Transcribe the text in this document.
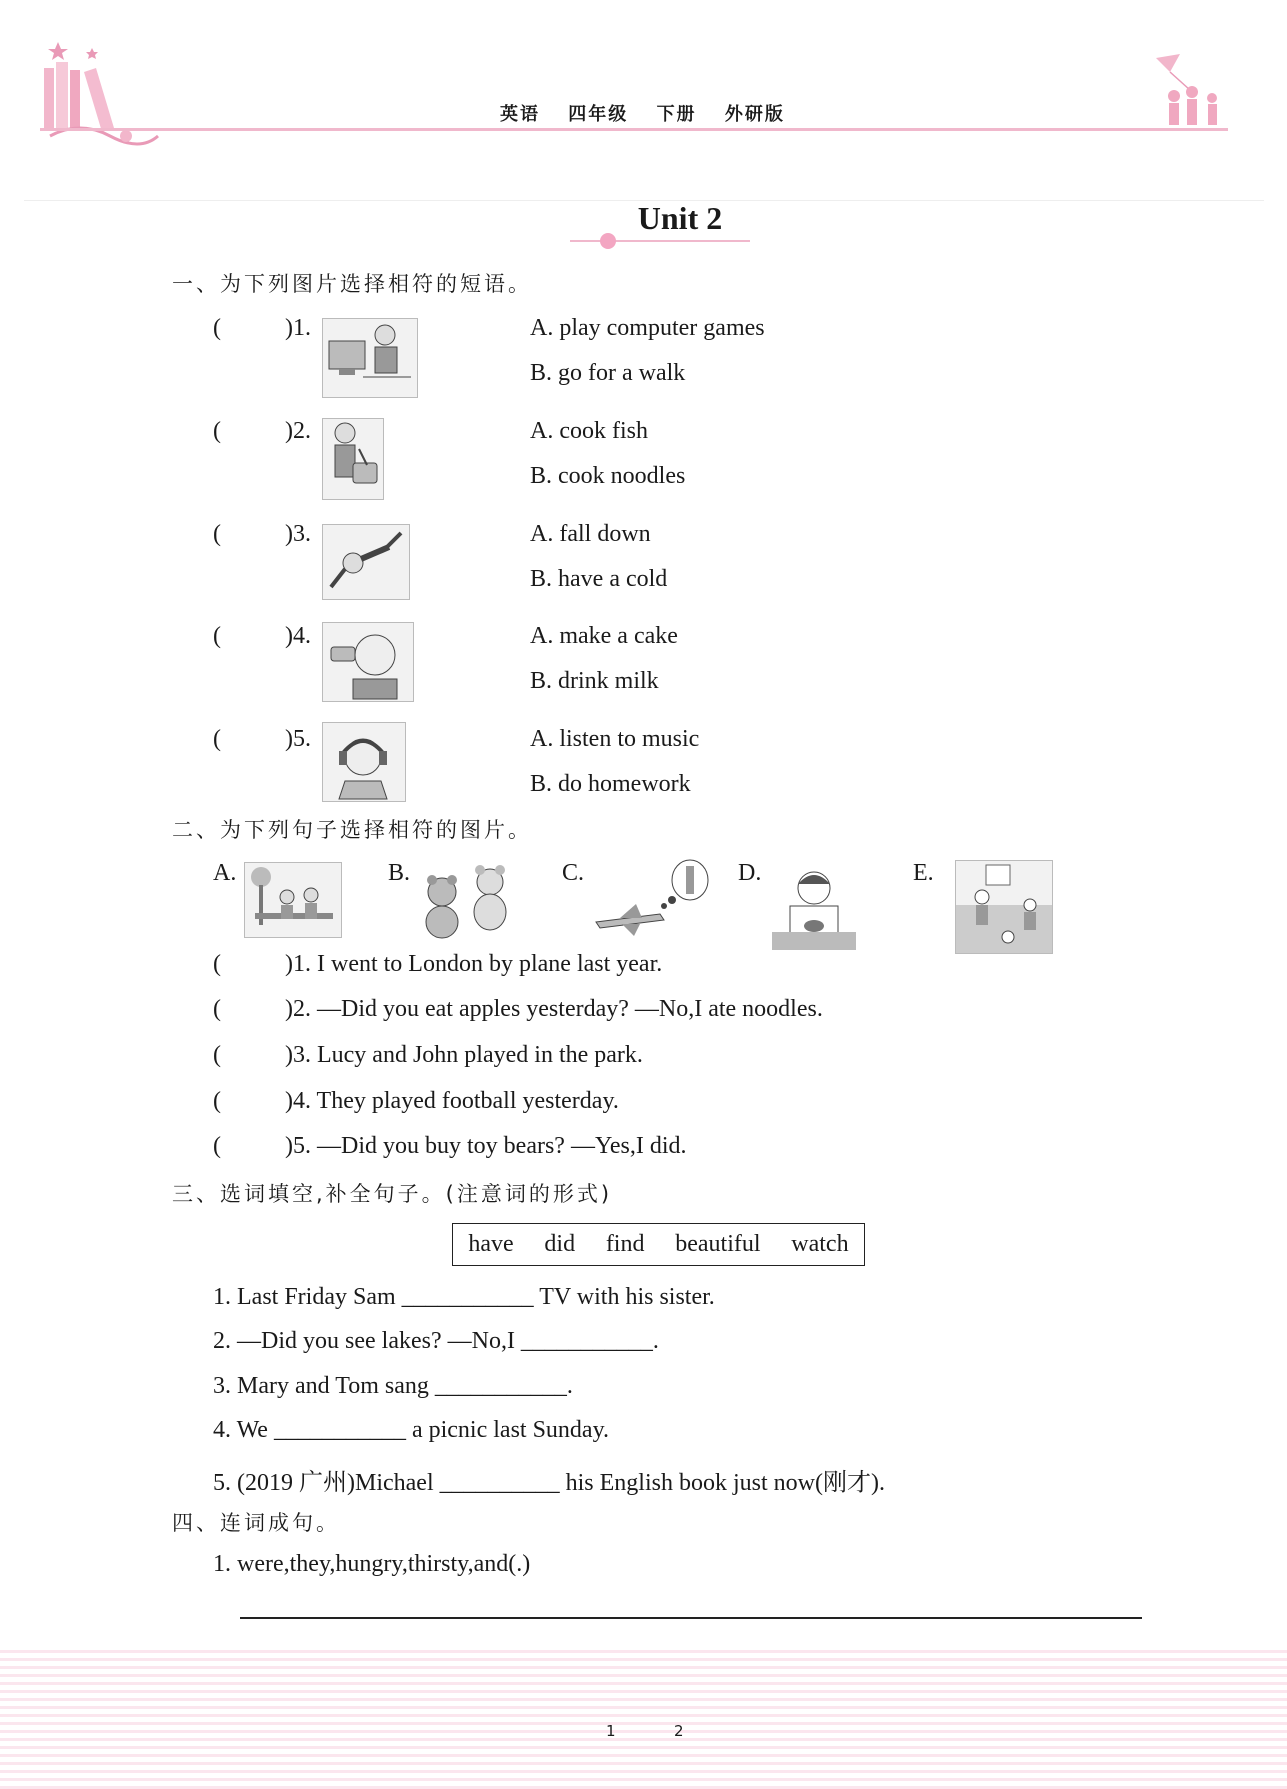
英语 四年级 下册 外研版
Unit 2
一、为下列图片选择相符的短语。
(	)1.	A. play computer games
B. go for a walk
(	)2.	A. cook fish
B. cook noodles
(	)3.	A. fall down
B. have a cold
(	)4.	A. make a cake
B. drink milk
(	)5.	A. listen to music
B. do homework
二、为下列句子选择相符的图片。
A.	B.	C.	D.	E.
(	)1. I went to London by plane last year.
(	)2. —Did you eat apples yesterday? —No,I ate noodles.
(	)3. Lucy and John played in the park.
(	)4. They played football yesterday.
(	)5. —Did you buy toy bears? —Yes,I did.
三、选词填空,补全句子。(注意词的形式)
have did find beautiful watch
1. Last Friday Sam ___________ TV with his sister.
2. —Did you see lakes? —No,I ___________.
3. Mary and Tom sang ___________.
4. We ___________ a picnic last Sunday.
5. (2019 广州)Michael __________ his English book just now(刚才).
四、连词成句。
1. were,they,hungry,thirsty,and(.)
1	2
